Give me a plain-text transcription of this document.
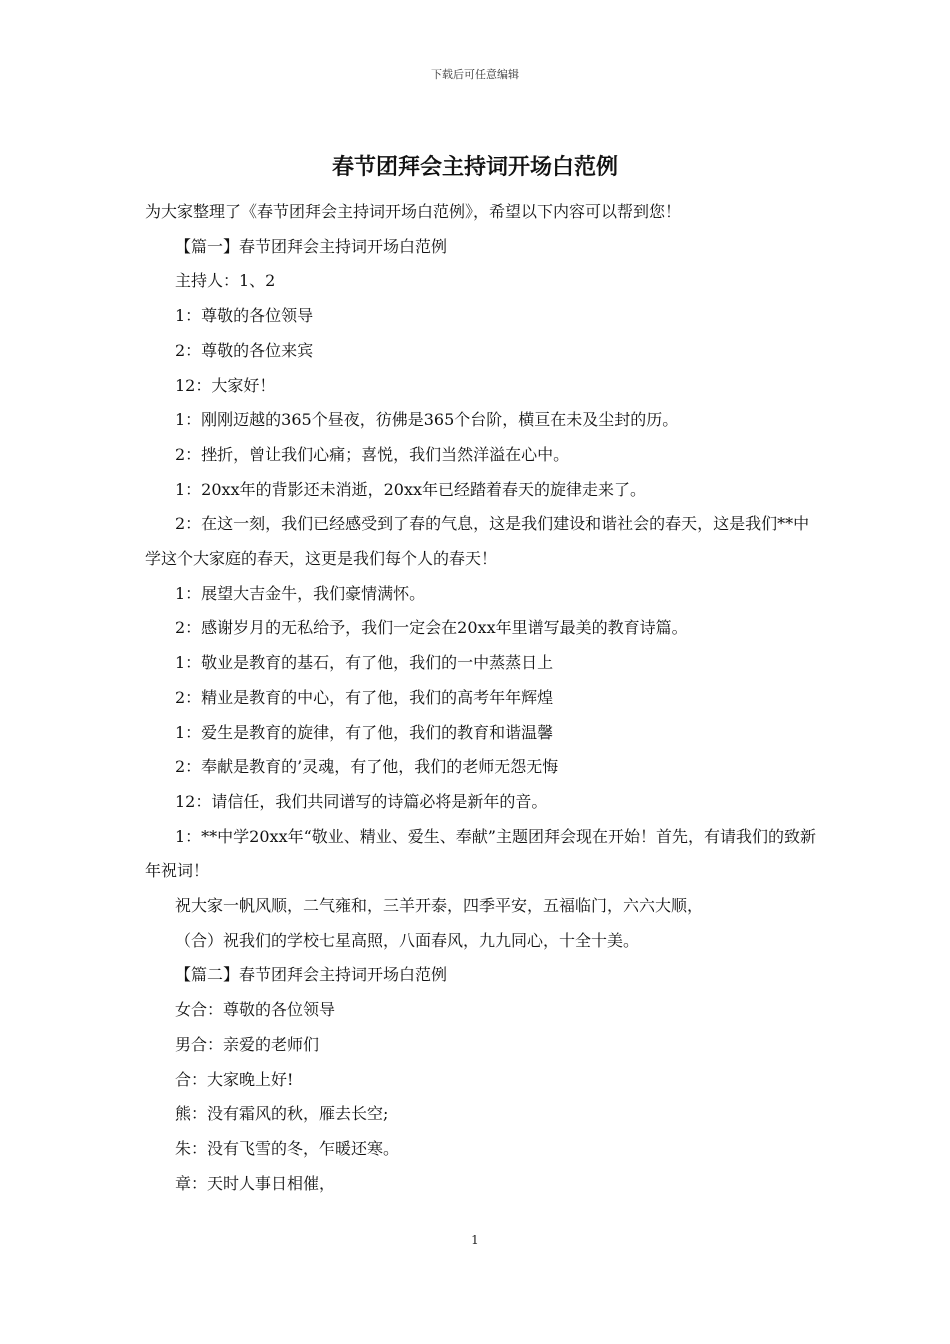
下载后可任意编辑
春节团拜会主持词开场白范例

为大家整理了《春节团拜会主持词开场白范例》，希望以下内容可以帮到您！

【篇一】春节团拜会主持词开场白范例

主持人：1、2

1：尊敬的各位领导

2：尊敬的各位来宾

12：大家好！

1：刚刚迈越的365个昼夜，彷佛是365个台阶，横亘在未及尘封的历。

2：挫折，曾让我们心痛；喜悦，我们当然洋溢在心中。

1：20xx年的背影还未消逝，20xx年已经踏着春天的旋律走来了。

2：在这一刻，我们已经感受到了春的气息，这是我们建设和谐社会的春天，这是我们**中学这个大家庭的春天，这更是我们每个人的春天！

1：展望大吉金牛，我们豪情满怀。

2：感谢岁月的无私给予，我们一定会在20xx年里谱写最美的教育诗篇。

1：敬业是教育的基石，有了他，我们的一中蒸蒸日上

2：精业是教育的中心，有了他，我们的高考年年辉煌

1：爱生是教育的旋律，有了他，我们的教育和谐温馨

2：奉献是教育的’灵魂，有了他，我们的老师无怨无悔

12：请信任，我们共同谱写的诗篇必将是新年的音。

1：**中学20xx年“敬业、精业、爱生、奉献”主题团拜会现在开始！首先，有请我们的致新年祝词！

祝大家一帆风顺，二气雍和，三羊开泰，四季平安，五福临门，六六大顺，

（合）祝我们的学校七星高照，八面春风，九九同心，十全十美。

【篇二】春节团拜会主持词开场白范例

女合：尊敬的各位领导

男合：亲爱的老师们

合：大家晚上好!

熊：没有霜风的秋，雁去长空;

朱：没有飞雪的冬，乍暖还寒。

章：天时人事日相催，

1
